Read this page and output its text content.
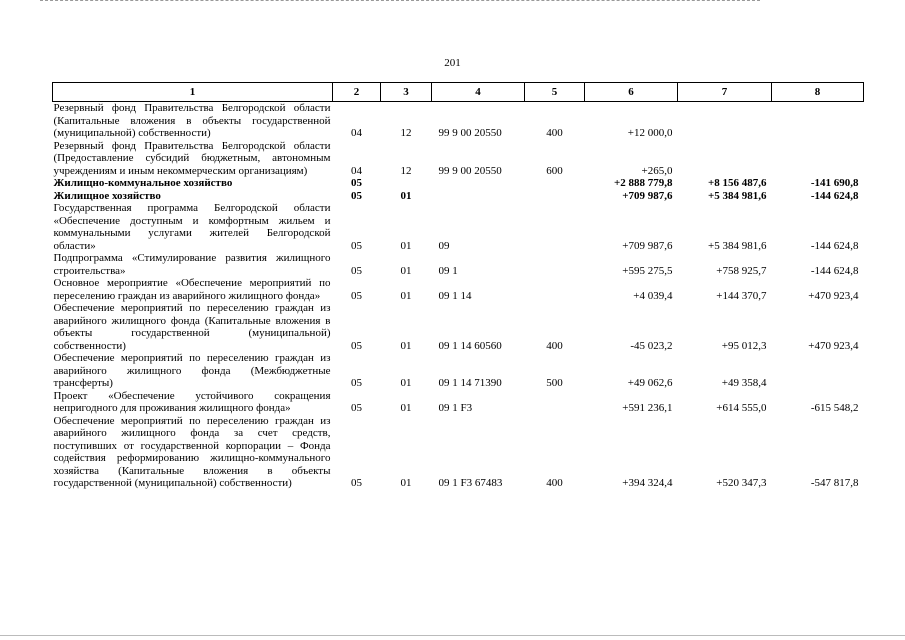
201
1	2	3	4	5	6	7	8
Резервный фонд Правительства Белгородской области (Капитальные вложения в объекты государственной (муниципальной) собственности)	04	12	99 9 00 20550	400	+12 000,0		
Резервный фонд Правительства Белгородской области (Предоставление субсидий бюджетным, автономным учреждениям и иным некоммерческим организациям)	04	12	99 9 00 20550	600	+265,0		
Жилищно-коммунальное хозяйство	05				+2 888 779,8	+8 156 487,6	-141 690,8
Жилищное хозяйство	05	01			+709 987,6	+5 384 981,6	-144 624,8
Государственная программа Белгородской области «Обеспечение доступным и комфортным жильем и коммунальными услугами жителей Белгородской области»	05	01	09		+709 987,6	+5 384 981,6	-144 624,8
Подпрограмма «Стимулирование развития жилищного строительства»	05	01	09 1		+595 275,5	+758 925,7	-144 624,8
Основное мероприятие «Обеспечение мероприятий по переселению граждан из аварийного жилищного фонда»	05	01	09 1 14		+4 039,4	+144 370,7	+470 923,4
Обеспечение мероприятий по переселению граждан из аварийного жилищного фонда (Капитальные вложения в объекты государственной (муниципальной) собственности)	05	01	09 1 14 60560	400	-45 023,2	+95 012,3	+470 923,4
Обеспечение мероприятий по переселению граждан из аварийного жилищного фонда (Межбюджетные трансферты)	05	01	09 1 14 71390	500	+49 062,6	+49 358,4	
Проект «Обеспечение устойчивого сокращения непригодного для проживания жилищного фонда»	05	01	09 1 F3		+591 236,1	+614 555,0	-615 548,2
Обеспечение мероприятий по переселению граждан из аварийного жилищного фонда за счет средств, поступивших от государственной корпорации – Фонда содействия реформированию жилищно-коммунального хозяйства (Капитальные вложения в объекты государственной (муниципальной) собственности)	05	01	09 1 F3 67483	400	+394 324,4	+520 347,3	-547 817,8
